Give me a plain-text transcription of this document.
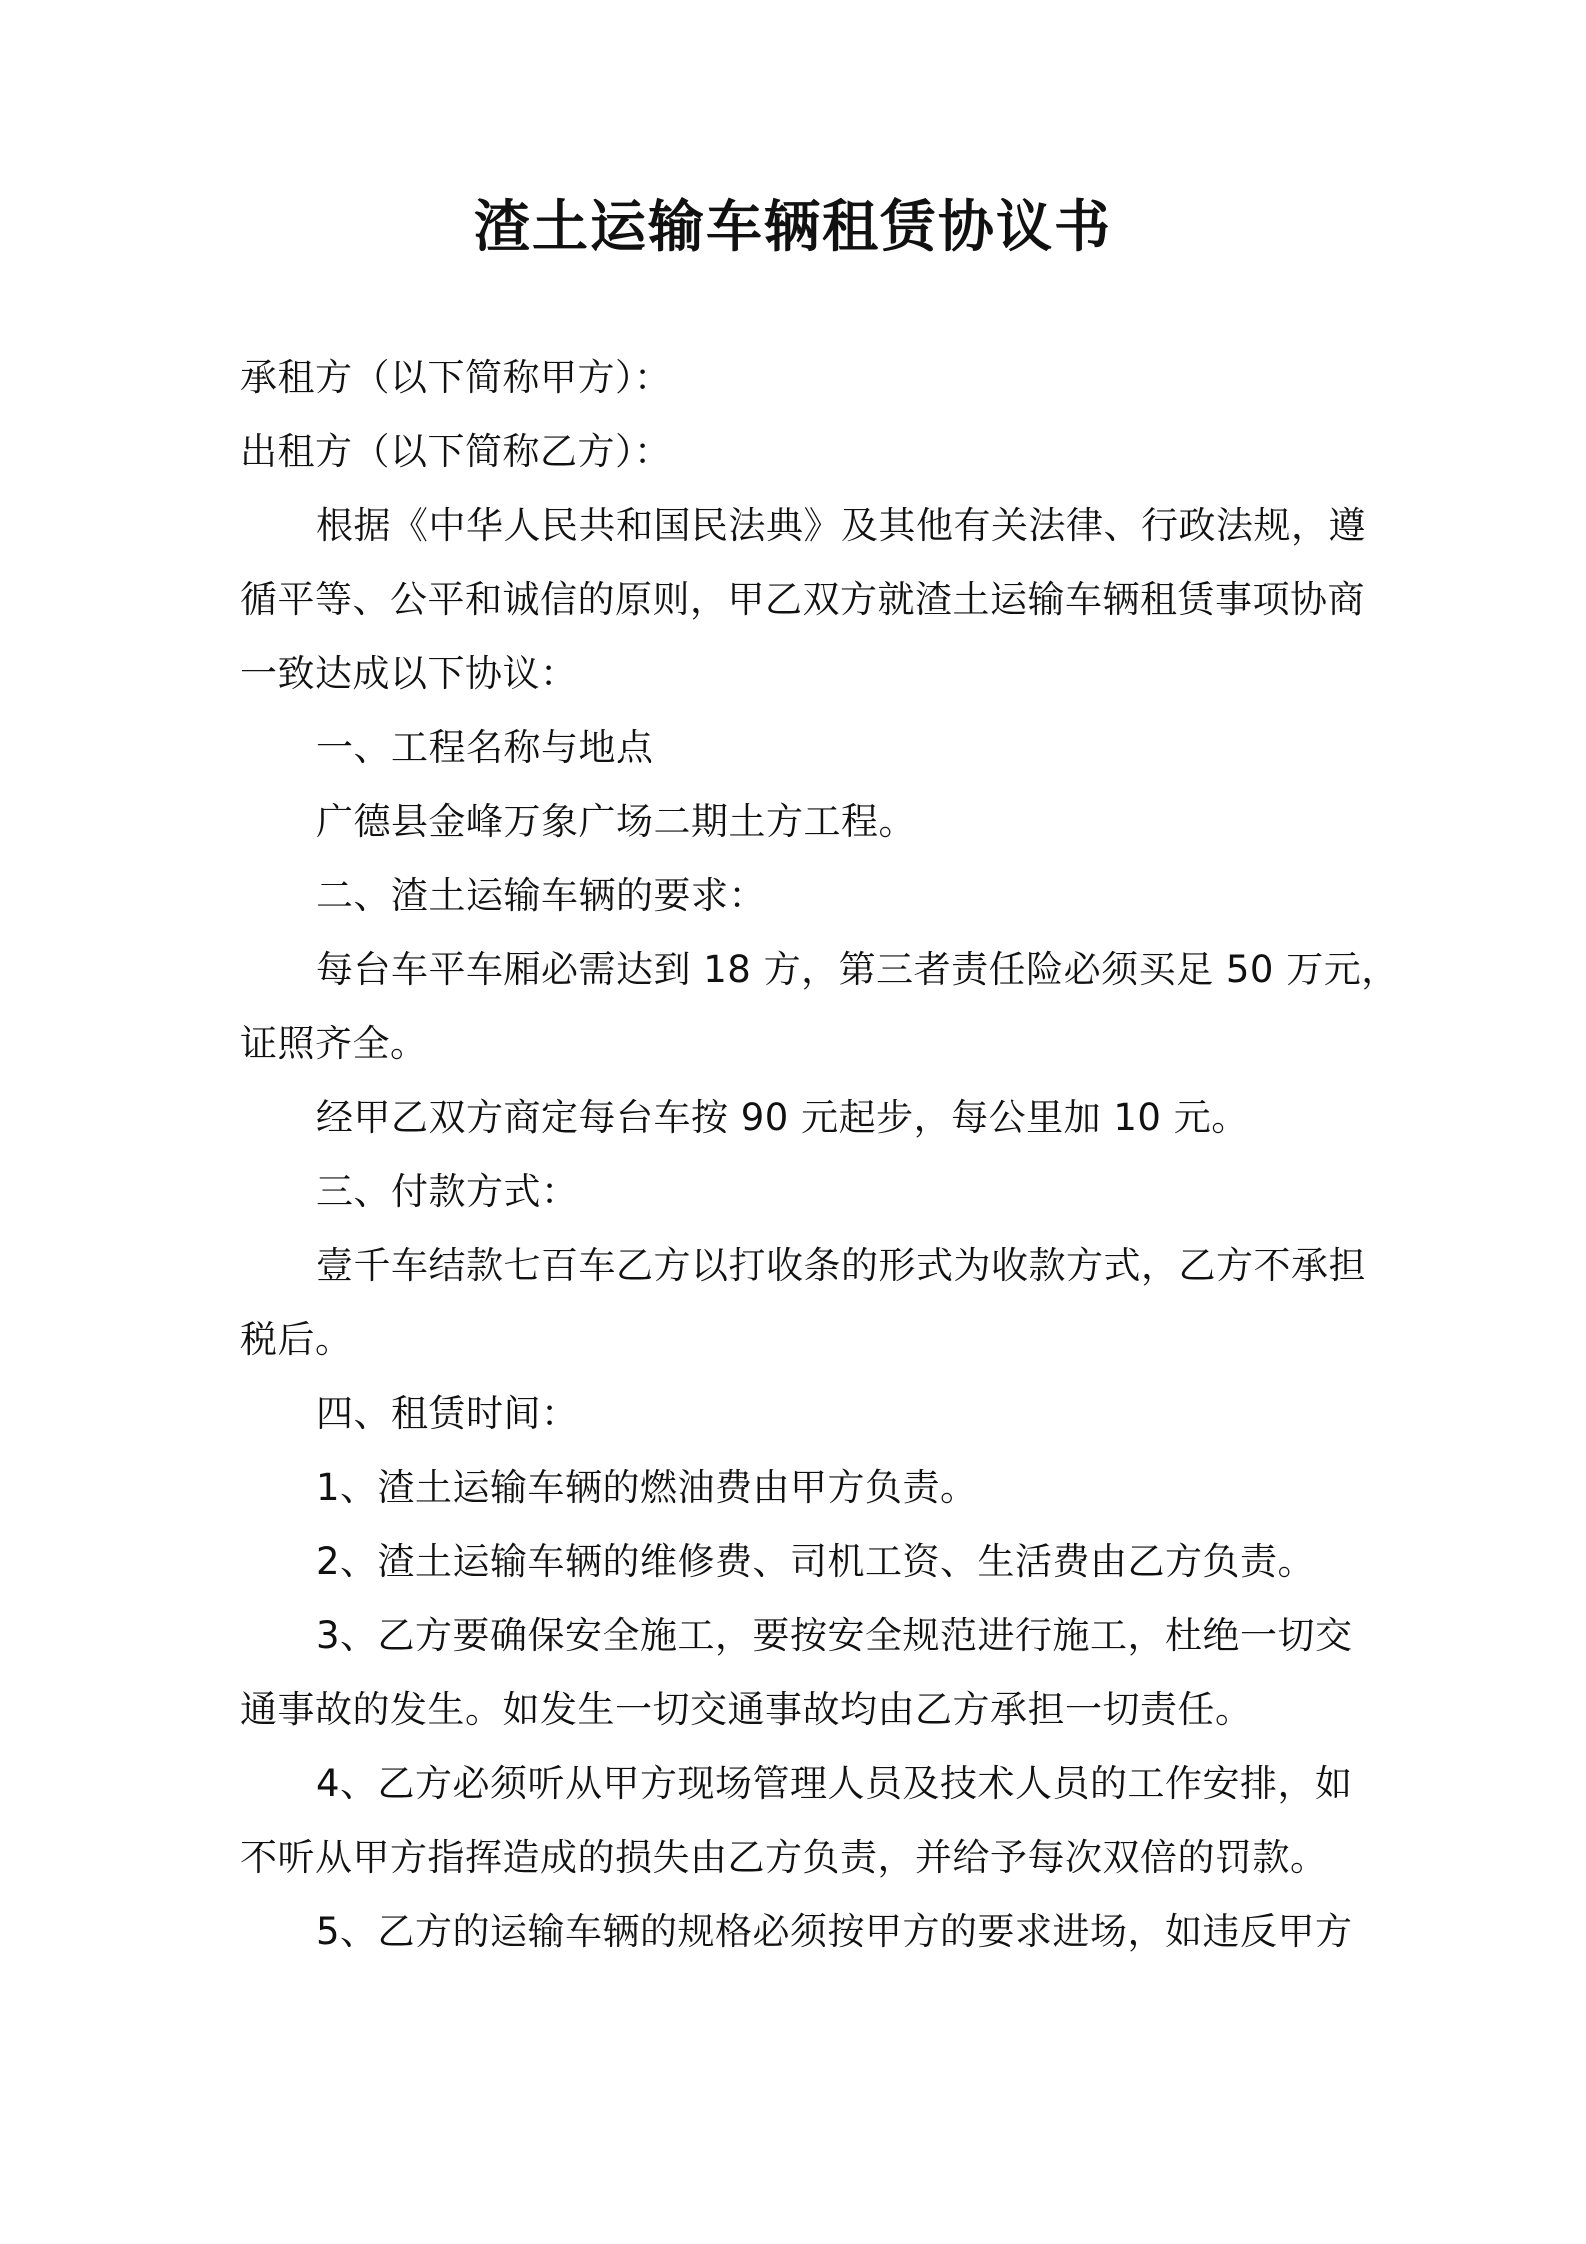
渣土运输车辆租赁协议书
承租方（以下简称甲方）：
出租方（以下简称乙方）：
根据《中华人民共和国民法典》及其他有关法律、行政法规，遵
循平等、公平和诚信的原则，甲乙双方就渣土运输车辆租赁事项协商
一致达成以下协议：
一、工程名称与地点
广德县金峰万象广场二期土方工程。
二、渣土运输车辆的要求：
每台车平车厢必需达到 18 方，第三者责任险必须买足 50 万元，
证照齐全。
经甲乙双方商定每台车按 90 元起步，每公里加 10 元。
三、付款方式：
壹千车结款七百车乙方以打收条的形式为收款方式，乙方不承担
税后。
四、租赁时间：
1、渣土运输车辆的燃油费由甲方负责。
2、渣土运输车辆的维修费、司机工资、生活费由乙方负责。
3、乙方要确保安全施工，要按安全规范进行施工，杜绝一切交
通事故的发生。如发生一切交通事故均由乙方承担一切责任。
4、乙方必须听从甲方现场管理人员及技术人员的工作安排，如
不听从甲方指挥造成的损失由乙方负责，并给予每次双倍的罚款。
5、乙方的运输车辆的规格必须按甲方的要求进场，如违反甲方
